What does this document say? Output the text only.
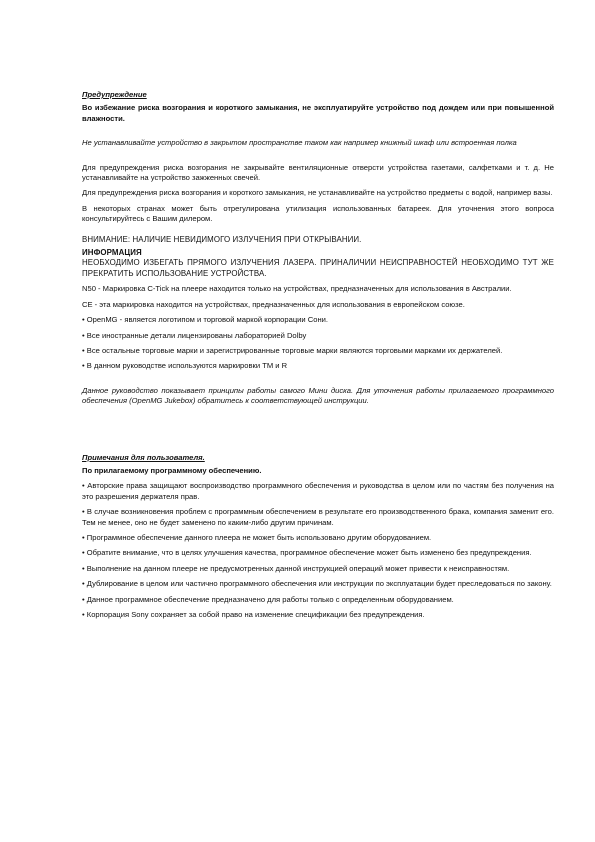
Предупреждение

Во избежание риска возгорания и короткого замыкания, не эксплуатируйте устройство под дождем или при повышенной влажности.

Не устанавливайте устройство в закрытом пространстве таком как например книжный шкаф или встроенная полка

Для предупреждения риска возгорания не закрывайте вентиляционные отверсти устройства газетами, салфетками и т. д. Не устанавливайте на устройство зажженных свечей.

Для предупреждения риска возгорания и короткого замыкания, не устанавливайте на устройство предметы с водой, например вазы.

В некоторых странах может быть отрегулирована утилизация использованных батареек. Для уточнения этого вопроса консультируйтесь с Вашим дилером.

ВНИМАНИЕ: НАЛИЧИЕ НЕВИДИМОГО ИЗЛУЧЕНИЯ ПРИ ОТКРЫВАНИИ.

ИНФОРМАЦИЯ

НЕОБХОДИМО ИЗБЕГАТЬ ПРЯМОГО ИЗЛУЧЕНИЯ ЛАЗЕРА. ПРИНАЛИЧИИ НЕИСПРАВНОСТЕЙ НЕОБХОДИМО ТУТ ЖЕ ПРЕКРАТИТЬ ИСПОЛЬЗОВАНИЕ УСТРОЙСТВА.

N50 - Маркировка C-Tick на плеере находится только на устройствах, предназначенных для использования в Австралии.

CE - эта маркировка находится на устройствах, предназначенных для использования в европейском союзе.

• OpenMG - является логотипом и торговой маркой корпорации Сони.

• Все иностранные детали лицензированы лабораторией Dolby

• Все остальные торговые марки и зарегистрированные торговые марки являются торговыми марками их держателей.

• В данном руководстве используются маркировки TM и R

Данное руководство показывает принципы работы самого Мини диска. Для уточнения работы прилагаемого программного обеспечения (OpenMG Jukebox) обратитесь к соответствующей инструкции.

Примечания для пользователя.

По прилагаемому программному обеспечению.

• Авторские права защищают воспроизводство программного обеспечения и руководства в целом или по частям без получения на это разрешения держателя прав.

• В случае возникновения проблем с программным обеспечением в результате его производственного брака, компания заменит его. Тем не менее, оно не будет заменено по каким-либо другим причинам.

• Программное обеспечение данного плеера не может быть использовано другим оборудованием.

• Обратите внимание, что в целях улучшения качества, программное обеспечение может быть изменено без предупреждения.

• Выполнение на данном плеере не предусмотренных данной инструкцией операций может привести к неисправностям.

• Дублирование в целом или частично программного обеспечения или инструкции по эксплуатации будет преследоваться по закону.

• Данное программное обеспечение предназначено для работы только с определенным оборудованием.

• Корпорация Sony сохраняет за собой право на изменение спецификации без предупреждения.
